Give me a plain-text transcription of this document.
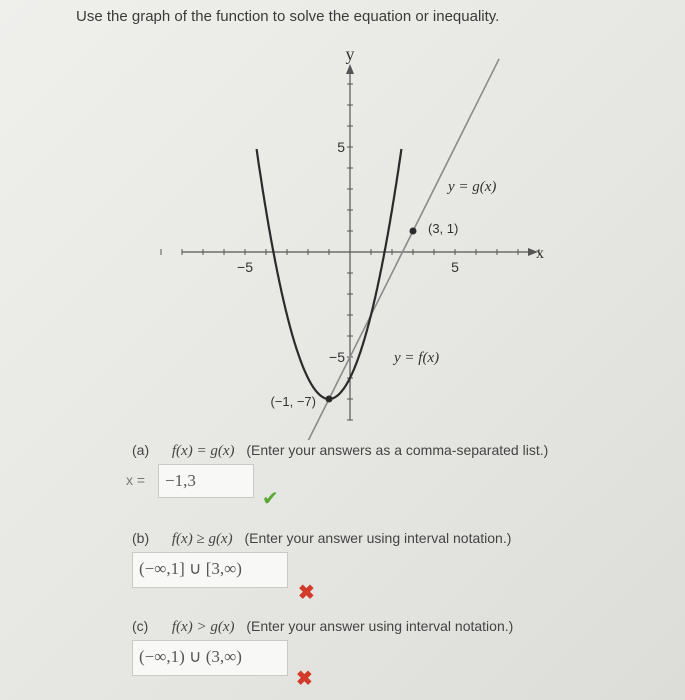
Use the graph of the function to solve the equation or inequality.
y
x
−5	5
5
−5
y = g(x)
y = f(x)
(3, 1)
(−1, −7)
(a) f(x) = g(x) (Enter your answers as a comma-separated list.)
x =	−1,3
✔
(b) f(x) ≥ g(x) (Enter your answer using interval notation.)
(−∞,1] ∪ [3,∞)
✖
(c) f(x) > g(x) (Enter your answer using interval notation.)
(−∞,1) ∪ (3,∞)
✖
